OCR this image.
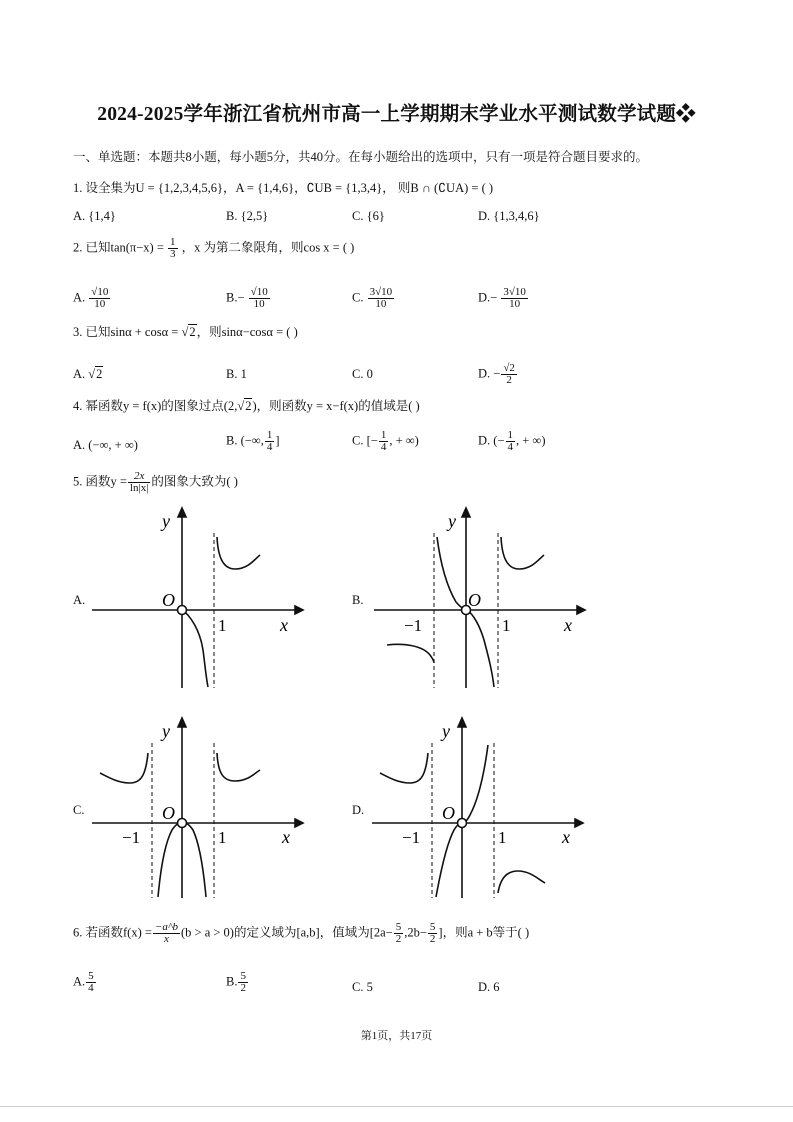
2024-2025学年浙江省杭州市高一上学期期末学业水平测试数学试题❖
一、单选题：本题共8小题，每小题5分，共40分。在每小题给出的选项中，只有一项是符合题目要求的。
1. 设全集为U = {1,2,3,4,5,6}，A = {1,4,6}，∁UB = {1,3,4}， 则B ∩ (∁UA) = ( )
A. {1,4}	B. {2,5}	C. {6}	D. {1,3,4,6}
2. 已知$\tan(\pi-x) = \frac{1}{3}$ ，x 为第二象限角，则cos x = ( )
A. $\frac{√10}{10}$	$B.- \frac{√10}{10}$	C. $\frac{3√10}{10}$	$D.- \frac{3√10}{10}$
3. 已知sinα + cosα = √2，则sinα−cosα = ( )
A. √2	B. 1	C. 0	D. − $\frac{√2}{2}$
4. 幂函数y = f(x)的图象过点(2,√2)，则函数y = x−f(x)的值域是( )
A. (−∞, + ∞)	B. (−∞, $\frac{1}{4}$ ]	C. [− $\frac{1}{4}$ , + ∞)	D. (− $\frac{1}{4}$ , + ∞)
5. 函数$y = \frac{2x}{\ln|x|}$ 的图象大致为( )
A.	B.
C.	D.
O
y
x
1
O
y
x
1
−1
O
y
x
1
−1
O
y
x
1
−1
6. 若函数$f(x) = \frac{-a\^{}b}{x} (b > a > 0)$的定义域为[a,b]，值域为[$2a- \frac{5}{2} ,2b- \frac{5}{2}$ ]，则a + b等于( )
A. $\frac{5}{4}$	B. $\frac{5}{2}$	C. 5	D. 6
第1页，共17页
